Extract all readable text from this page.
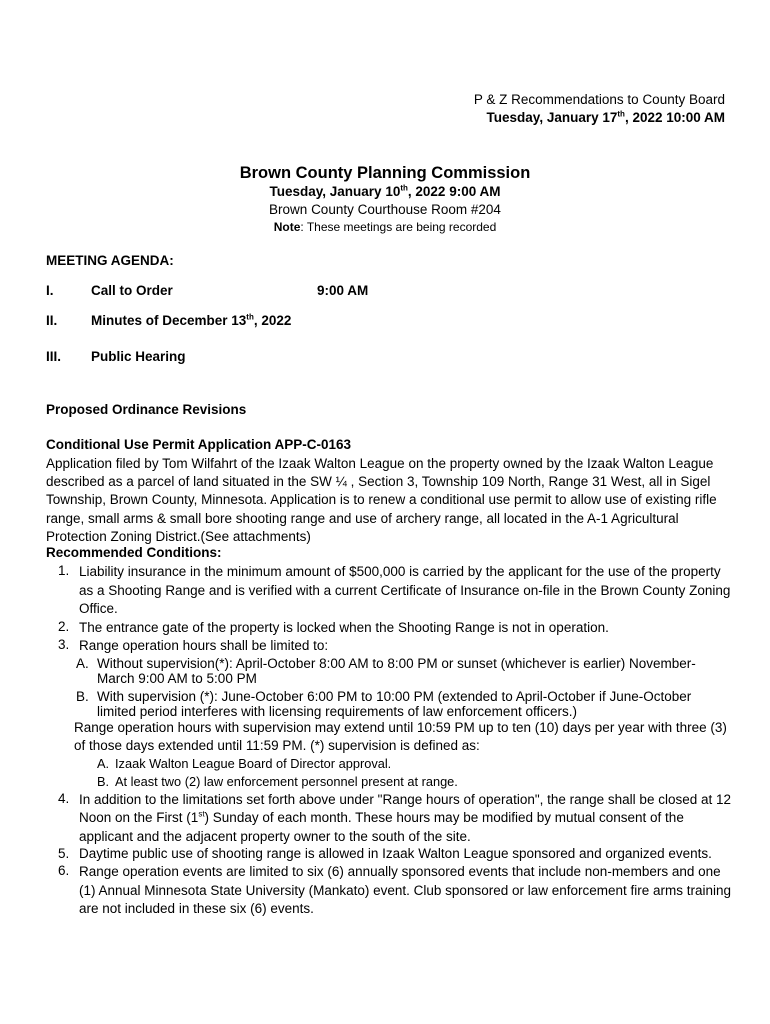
P & Z Recommendations to County Board
Tuesday, January 17th, 2022 10:00 AM
Brown County Planning Commission
Tuesday, January 10th, 2022 9:00 AM
Brown County Courthouse Room #204
Note: These meetings are being recorded
MEETING AGENDA:
I.	Call to Order	9:00 AM
II. Minutes of December 13th, 2022
III. Public Hearing
Proposed Ordinance Revisions
Conditional Use Permit Application APP-C-0163
Application filed by Tom Wilfahrt of the Izaak Walton League on the property owned by the Izaak Walton League described as a parcel of land situated in the SW ¼ , Section 3, Township 109 North, Range 31 West, all in Sigel Township, Brown County, Minnesota. Application is to renew a conditional use permit to allow use of existing rifle range, small arms & small bore shooting range and use of archery range, all located in the A-1 Agricultural Protection Zoning District.(See attachments)
Recommended Conditions:
1. Liability insurance in the minimum amount of $500,000 is carried by the applicant for the use of the property as a Shooting Range and is verified with a current Certificate of Insurance on-file in the Brown County Zoning Office.
2. The entrance gate of the property is locked when the Shooting Range is not in operation.
3. Range operation hours shall be limited to:
A. Without supervision(*): April-October 8:00 AM to 8:00 PM or sunset (whichever is earlier) November-March 9:00 AM to 5:00 PM
B. With supervision (*): June-October 6:00 PM to 10:00 PM (extended to April-October if June-October limited period interferes with licensing requirements of law enforcement officers.)
Range operation hours with supervision may extend until 10:59 PM up to ten (10) days per year with three (3) of those days extended until 11:59 PM. (*) supervision is defined as:
A. Izaak Walton League Board of Director approval.
B. At least two (2) law enforcement personnel present at range.
4. In addition to the limitations set forth above under "Range hours of operation", the range shall be closed at 12 Noon on the First (1st) Sunday of each month. These hours may be modified by mutual consent of the applicant and the adjacent property owner to the south of the site.
5. Daytime public use of shooting range is allowed in Izaak Walton League sponsored and organized events.
6. Range operation events are limited to six (6) annually sponsored events that include non-members and one (1) Annual Minnesota State University (Mankato) event. Club sponsored or law enforcement fire arms training are not included in these six (6) events.
